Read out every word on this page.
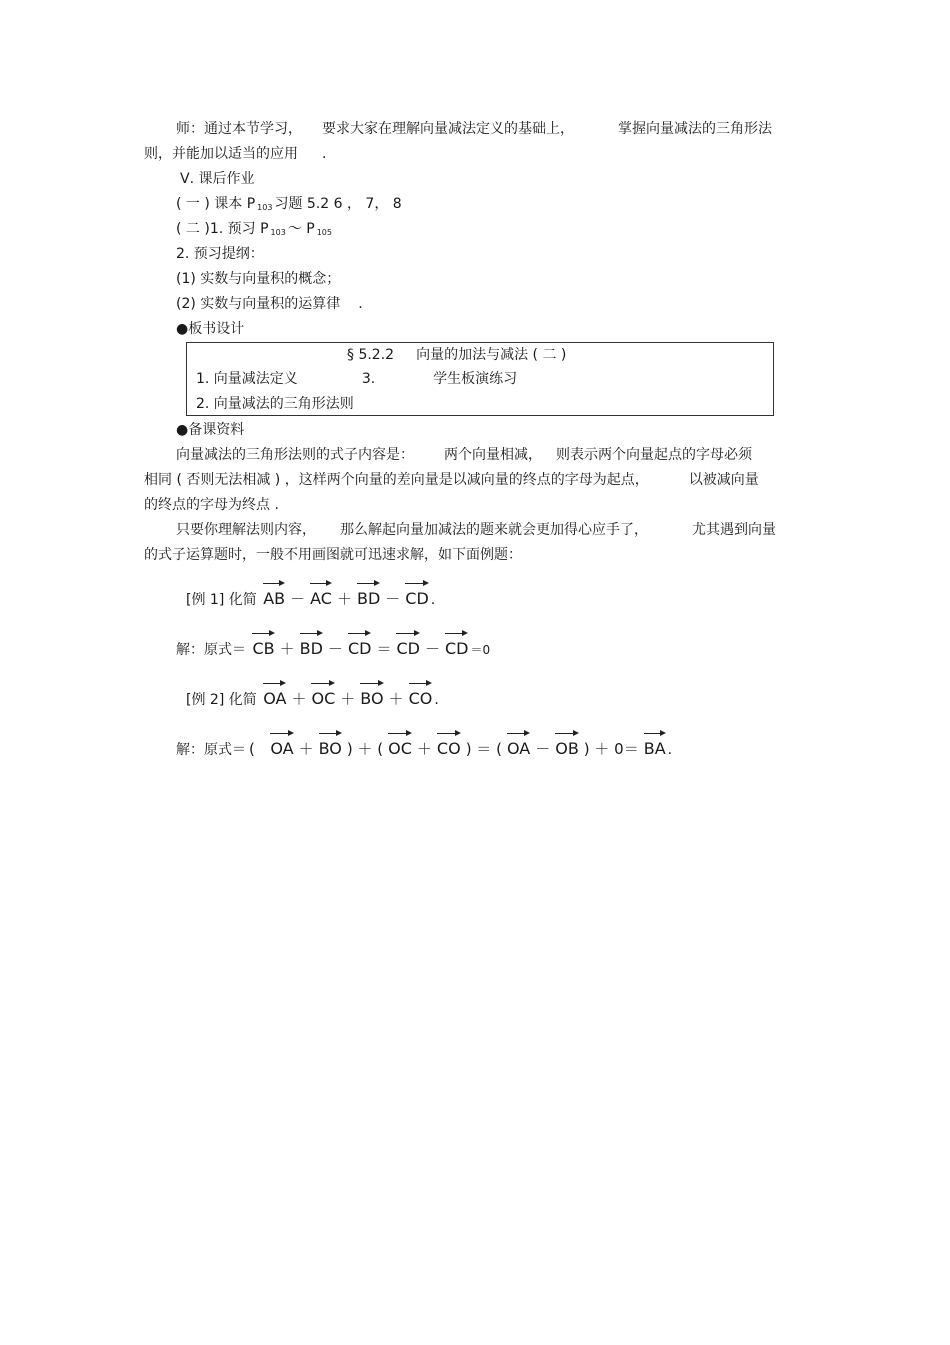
师：通过本节学习， 要求大家在理解向量减法定义的基础上，	掌握向量减法的三角形法
则，并能加以适当的应用 .
Ⅴ. 课后作业
( 一 ) 课本 P $_{103}$ 习题 5.2 6 ， 7， 8
( 二 )1. 预习 P $_{103}$ ～ P $_{105}$
2. 预习提纲：
(1) 实数与向量积的概念；
(2) 实数与向量积的运算律 .
●板书设计
§ 5.2.2 向量的加法与减法 ( 二 )
1. 向量减法定义	3.	学生板演练习
2. 向量减法的三角形法则
●备课资料
向量减法的三角形法则的式子内容是： 两个向量相减， 则表示两个向量起点的字母必须
相同 ( 否则无法相减 ) ，这样两个向量的差向量是以减向量的终点的字母为起点，	以被减向量
的终点的字母为终点 .
只要你理解法则内容， 那么解起向量加减法的题来就会更加得心应手了，	尤其遇到向量
的式子运算题时，一般不用画图就可迅速求解，如下面例题：
[例 1] 化简 AB － AC ＋ BD － CD .
解：原式＝ CB ＋ BD － CD ＝ CD － CD ＝0
[例 2] 化简 OA ＋ OC ＋ BO ＋ CO .
解：原式＝ ( OA ＋ BO ) ＋ ( OC ＋ CO ) ＝ ( OA － OB ) ＋ 0＝ BA .
